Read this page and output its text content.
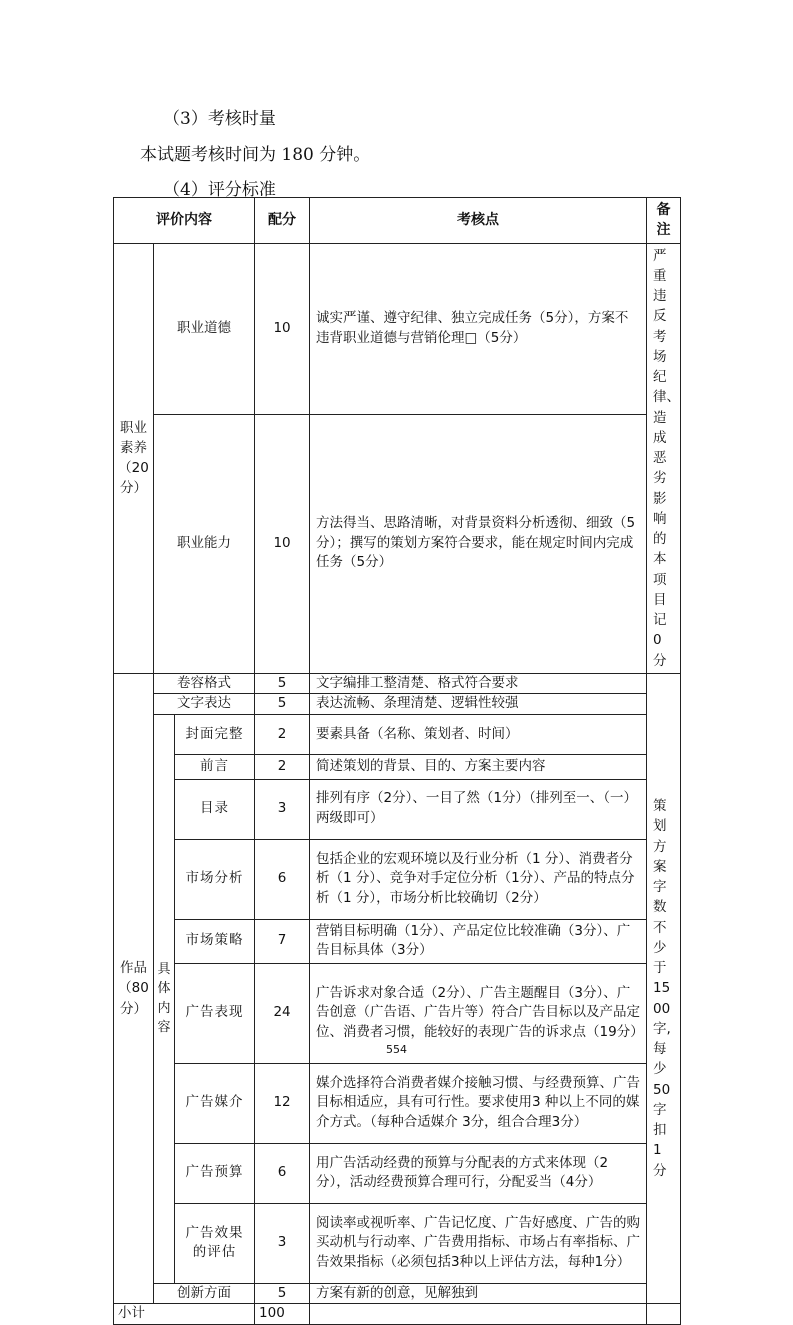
（3）考核时量
本试题考核时间为 180 分钟。
（4）评分标准
评价内容			配分	考核点	备注
职业素养（20分）	职业道德		10	诚实严谨、遵守纪律、独立完成任务（5分），方案不违背职业道德与营销伦理□（5分）	严重违反考场纪律、造成恶劣影响的本项目记0分
	职业能力		10	方法得当、思路清晰，对背景资料分析透彻、细致（5分）；撰写的策划方案符合要求，能在规定时间内完成任务（5分）	
作品（80分）	卷容格式		5	文字编排工整清楚、格式符合要求	策划方案字数不少于1500字,每少50 字扣1分
	文字表达		5	表达流畅、条理清楚、逻辑性较强	
	具体内容	封面完整	2	要素具备（名称、策划者、时间）	
		前言	2	简述策划的背景、目的、方案主要内容	
		目录	3	排列有序（2分）、一目了然（1分）（排列至一、（一）两级即可）	
		市场分析	6	包括企业的宏观环境以及行业分析（1 分）、消费者分析（1 分）、竞争对手定位分析（1分）、产品的特点分析（1 分），市场分析比较确切（2分）	
		市场策略	7	营销目标明确（1分）、产品定位比较准确（3分）、广告目标具体（3分）	
		广告表现	24	广告诉求对象合适（2分）、广告主题醒目（3分）、广告创意（广告语、广告片等）符合广告目标以及产品定位、消费者习惯，能较好的表现广告的诉求点（19分）	
		广告媒介	12	媒介选择符合消费者媒介接触习惯、与经费预算、广告目标相适应，具有可行性。要求使用3 种以上不同的媒介方式。（每种合适媒介 3分，组合合理3分）	
		广告预算	6	用广告活动经费的预算与分配表的方式来体现（2 分），活动经费预算合理可行，分配妥当（4分）	
		广告效果的评估	3	阅读率或视听率、广告记忆度、广告好感度、广告的购买动机与行动率、广告费用指标、市场占有率指标、广告效果指标（必须包括3种以上评估方法，每种1分）	
	创新方面		5	方案有新的创意，见解独到	
小计			100		
554
